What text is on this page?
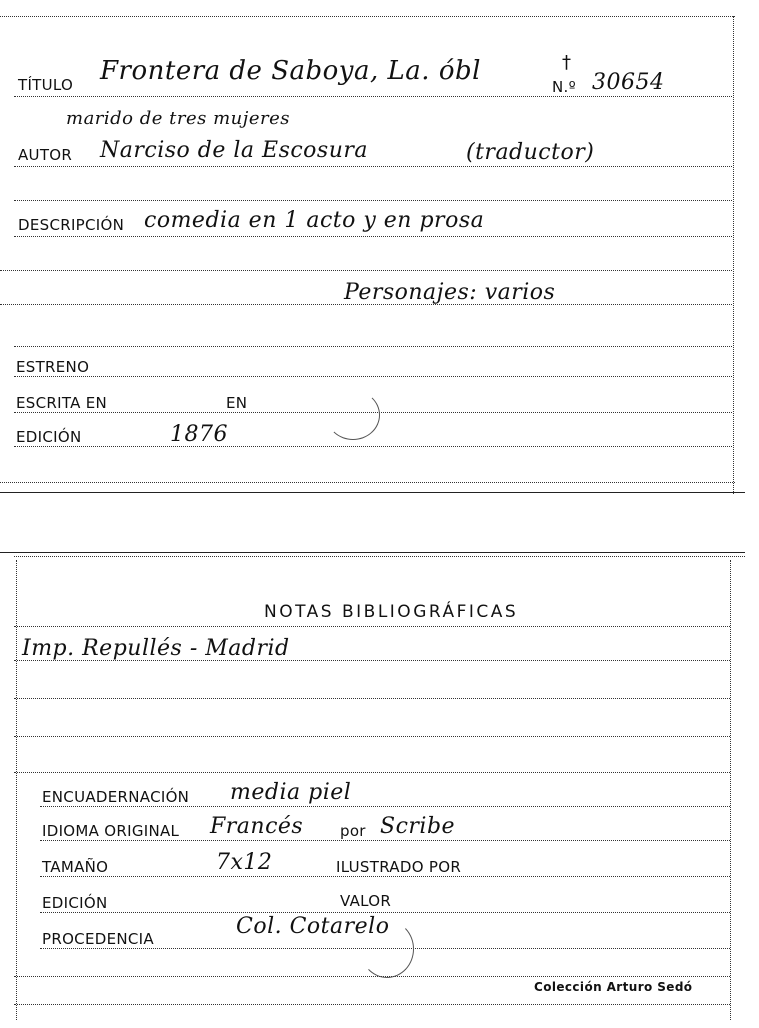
TÍTULO Frontera de Saboya, La. óbl	†
N.º 30654
marido de tres mujeres
AUTOR Narciso de la Escosura	(traductor)
DESCRIPCIÓN comedia en 1 acto y en prosa
Personajes: varios
ESTRENO
ESCRITA EN	EN
EDICIÓN	1876
NOTAS BIBLIOGRÁFICAS
Imp. Repullés - Madrid
ENCUADERNACIÓN media piel
IDIOMA ORIGINAL Francés por Scribe
TAMAÑO	7x12	ILUSTRADO POR
EDICIÓN	VALOR
PROCEDENCIA	Col. Cotarelo
Colección Arturo Sedó
